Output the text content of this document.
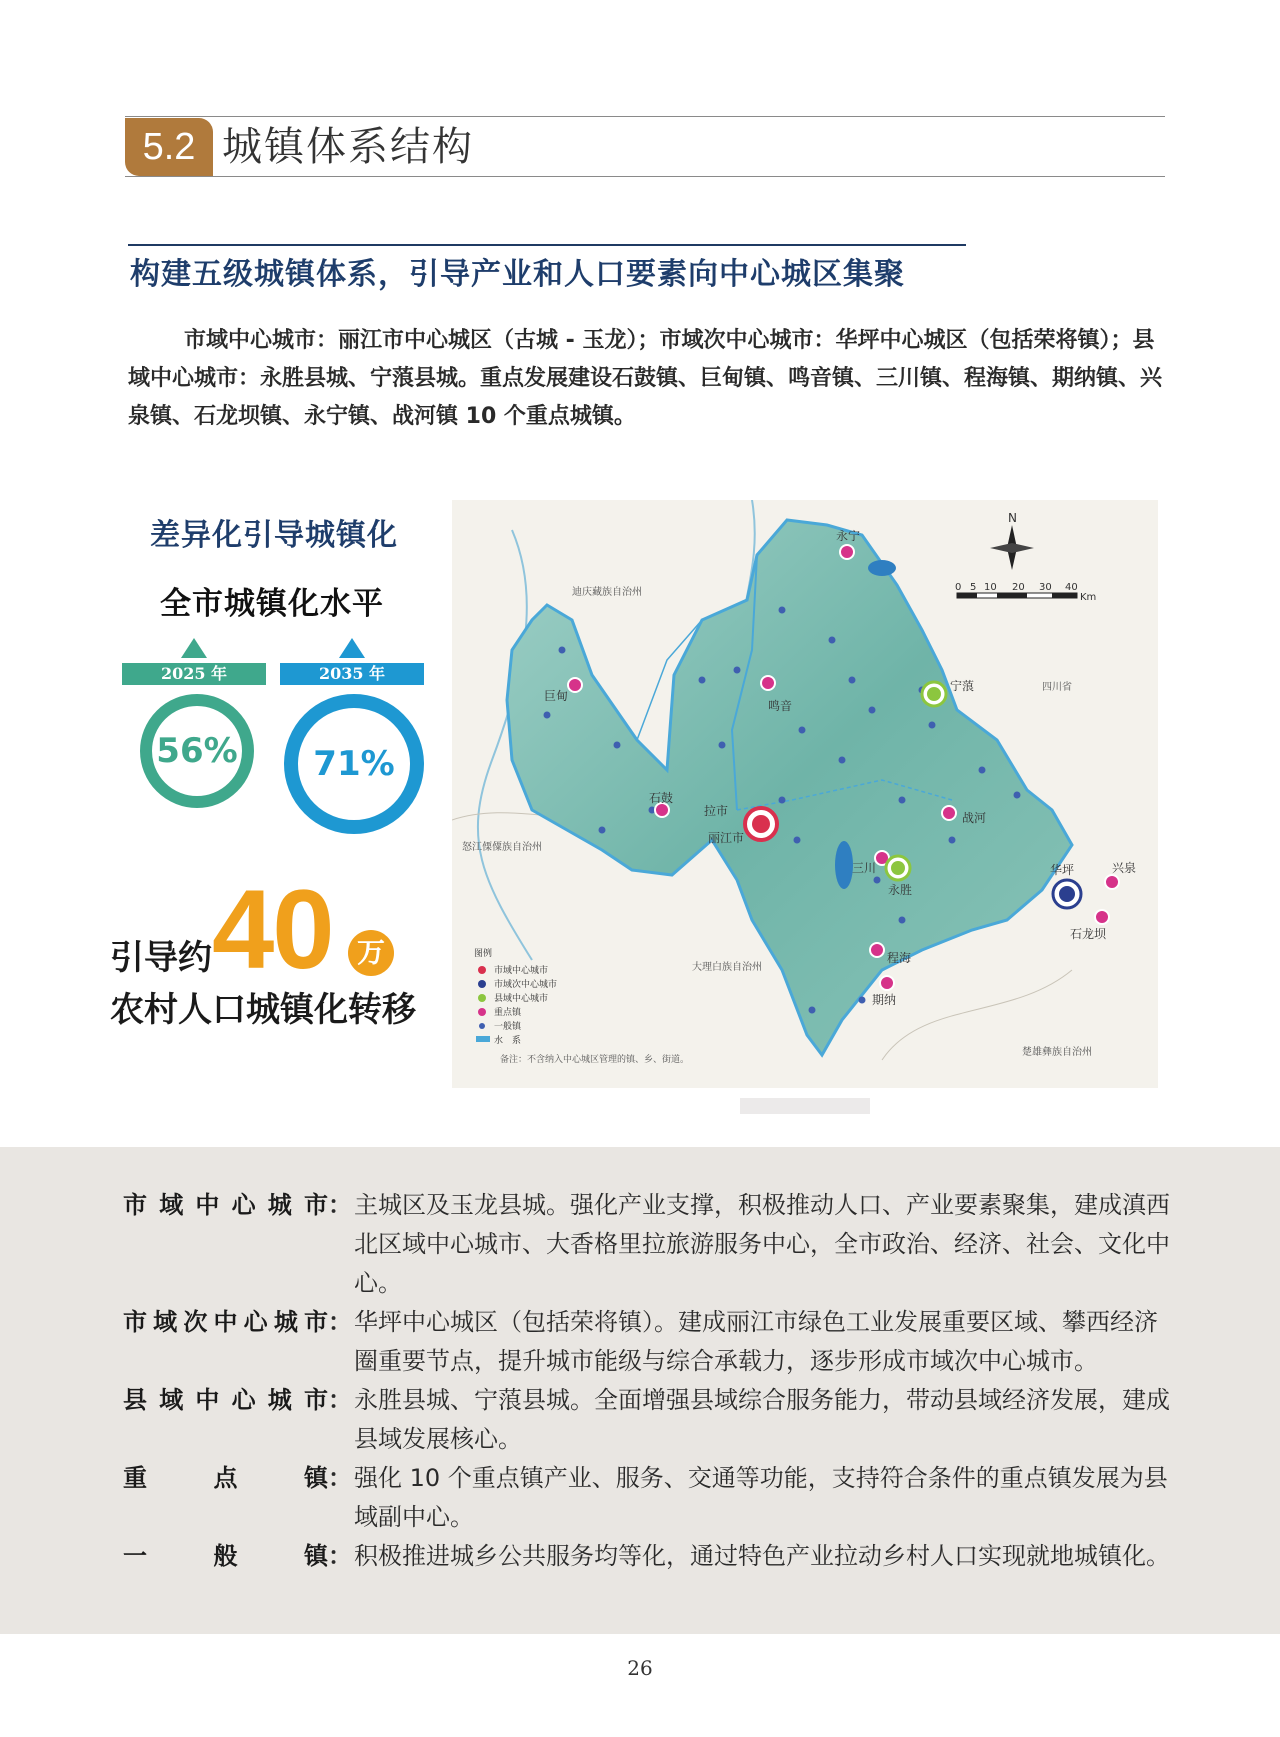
5.2 城镇体系结构
构建五级城镇体系，引导产业和人口要素向中心城区集聚
市域中心城市：丽江市中心城区（古城 - 玉龙）；市域次中心城市：华坪中心城区（包括荣将镇）；县域中心城市：永胜县城、宁蒗县城。重点发展建设石鼓镇、巨甸镇、鸣音镇、三川镇、程海镇、期纳镇、兴泉镇、石龙坝镇、永宁镇、战河镇 10 个重点城镇。
差异化引导城镇化
全市城镇化水平
2025 年	2035 年
56% 71%
引导约 40 万
农村人口城镇化转移
N
0 5 10 20 30 40
Km
迪庆藏族自治州
怒江傈僳族自治州
大理白族自治州
楚雄彝族自治州
四川省
永宁
宁蒗
巨甸
鸣音
石鼓
拉市
丽江市
战河
三川
永胜
华坪	兴泉
石龙坝
程海
期纳
图例
市域中心城市
市域次中心城市
县域中心城市
重点镇
一般镇
水　系
备注：不含纳入中心城区管理的镇、乡、街道。
市域中心城市 ： 主城区及玉龙县城。强化产业支撑，积极推动人口、产业要素聚集，建成滇西北区域中心城市、大香格里拉旅游服务中心，全市政治、经济、社会、文化中心。
市域次中心城市 ： 华坪中心城区（包括荣将镇）。建成丽江市绿色工业发展重要区域、攀西经济圈重要节点，提升城市能级与综合承载力，逐步形成市域次中心城市。
县域中心城市 ： 永胜县城、宁蒗县城。全面增强县域综合服务能力，带动县域经济发展，建成县域发展核心。
重点镇 ： 强化 10 个重点镇产业、服务、交通等功能，支持符合条件的重点镇发展为县域副中心。
一般镇 ： 积极推进城乡公共服务均等化，通过特色产业拉动乡村人口实现就地城镇化。
26
